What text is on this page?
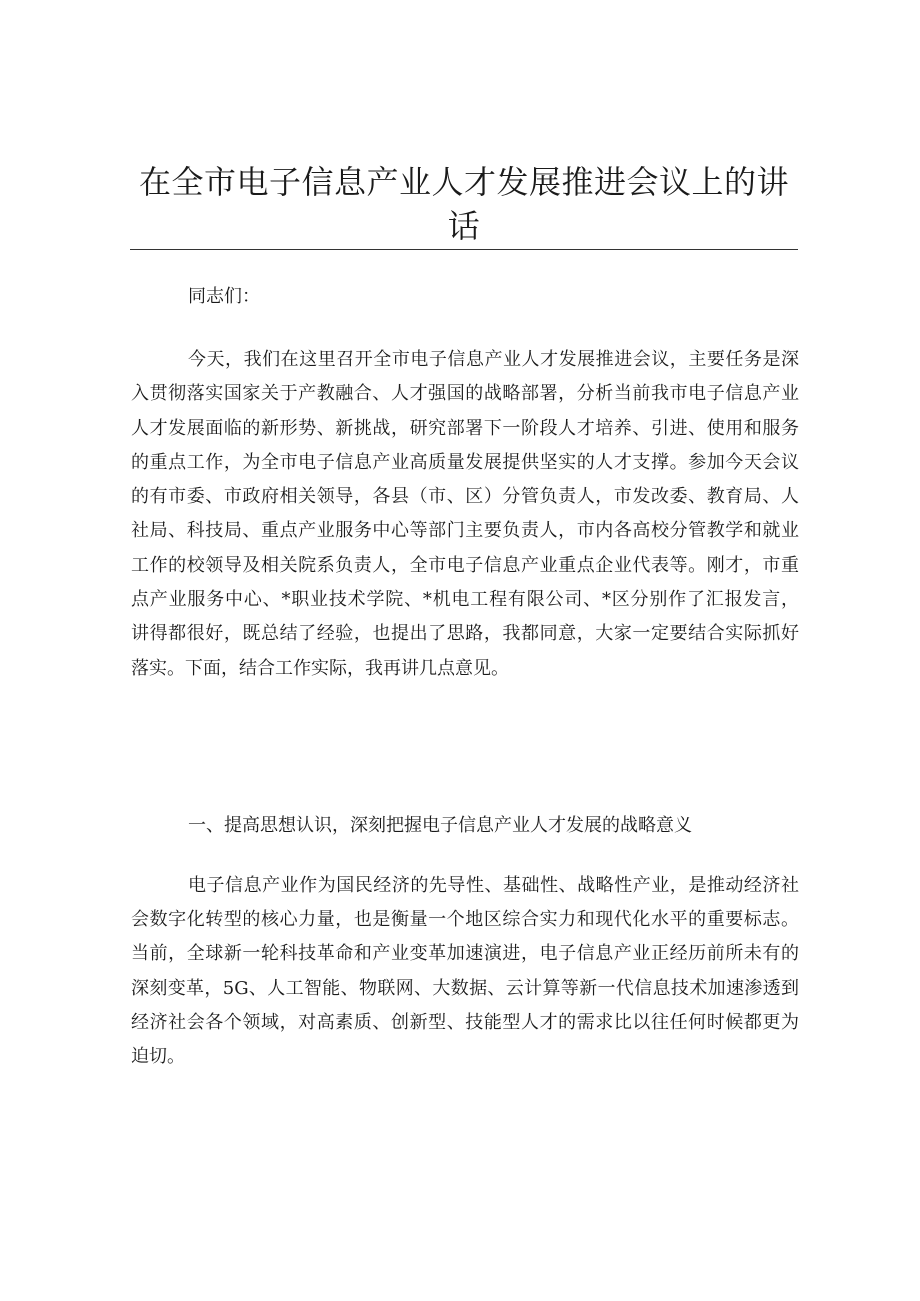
在全市电子信息产业人才发展推进会议上的讲
话
同志们：
今天，我们在这里召开全市电子信息产业人才发展推进会议，主要任务是深
入贯彻落实国家关于产教融合、人才强国的战略部署，分析当前我市电子信息产业
人才发展面临的新形势、新挑战，研究部署下一阶段人才培养、引进、使用和服务
的重点工作，为全市电子信息产业高质量发展提供坚实的人才支撑。参加今天会议
的有市委、市政府相关领导，各县（市、区）分管负责人，市发改委、教育局、人
社局、科技局、重点产业服务中心等部门主要负责人，市内各高校分管教学和就业
工作的校领导及相关院系负责人，全市电子信息产业重点企业代表等。刚才，市重
点产业服务中心、*职业技术学院、*机电工程有限公司、*区分别作了汇报发言，
讲得都很好，既总结了经验，也提出了思路，我都同意，大家一定要结合实际抓好
落实。下面，结合工作实际，我再讲几点意见。
一、提高思想认识，深刻把握电子信息产业人才发展的战略意义
电子信息产业作为国民经济的先导性、基础性、战略性产业，是推动经济社
会数字化转型的核心力量，也是衡量一个地区综合实力和现代化水平的重要标志。
当前，全球新一轮科技革命和产业变革加速演进，电子信息产业正经历前所未有的
深刻变革，5G、人工智能、物联网、大数据、云计算等新一代信息技术加速渗透到
经济社会各个领域，对高素质、创新型、技能型人才的需求比以往任何时候都更为
迫切。
